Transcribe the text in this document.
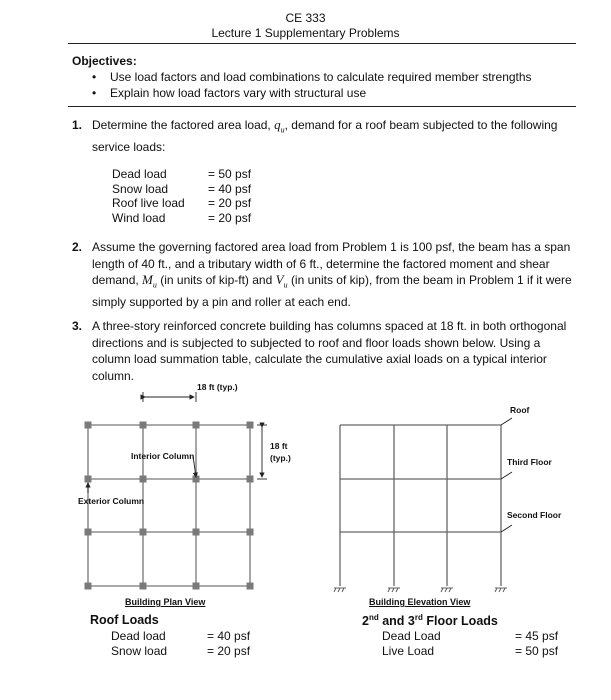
CE 333
Lecture 1 Supplementary Problems
Objectives:
• Use load factors and load combinations to calculate required member strengths
• Explain how load factors vary with structural use
1. Determine the factored area load, $q_u$, demand for a roof beam subjected to the following service loads:
Dead load	= 50 psf
Snow load	= 40 psf
Roof live load = 20 psf
Wind load	= 20 psf
2. Assume the governing factored area load from Problem 1 is 100 psf, the beam has a span length of 40 ft., and a tributary width of 6 ft., determine the factored moment and shear demand, $M_u$ (in units of kip-ft) and $V_u$ (in units of kip), from the beam in Problem 1 if it were simply supported by a pin and roller at each end.
3. A three-story reinforced concrete building has columns spaced at 18 ft. in both orthogonal directions and is subjected to subjected to roof and floor loads shown below. Using a column load summation table, calculate the cumulative axial loads on a typical interior column.
18 ft (typ.)
18 ft
(typ.)
Interior Column
Exterior Column
Building Plan View
Roof
Third Floor
Second Floor
Building Elevation View
Roof Loads
Dead load	= 40 psf
Snow load	= 20 psf
2nd and 3rd Floor Loads
Dead Load	= 45 psf
Live Load	= 50 psf
